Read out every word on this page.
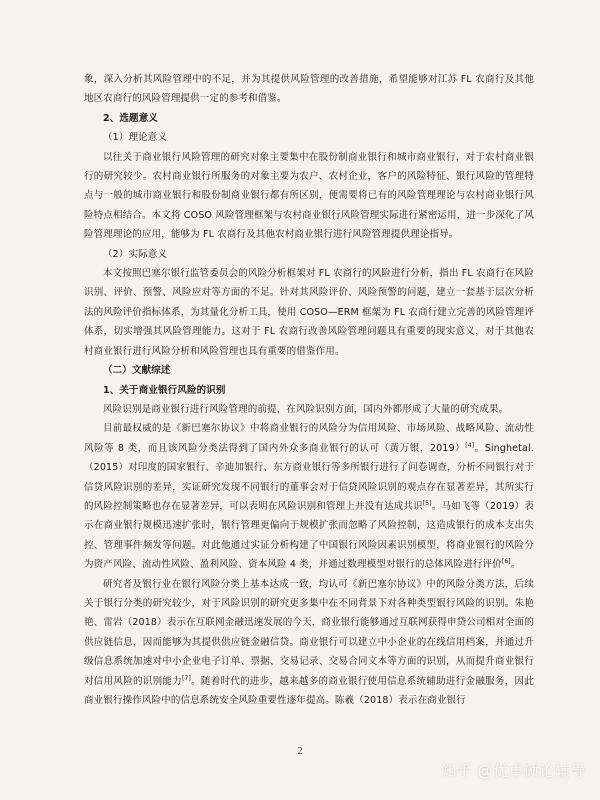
象，深入分析其风险管理中的不足，并为其提供风险管理的改善措施，希望能够对江苏 FL 农商行及其他地区农商行的风险管理提供一定的参考和借鉴。

2、选题意义

（1）理论意义

以往关于商业银行风险管理的研究对象主要集中在股份制商业银行和城市商业银行，对于农村商业银行的研究较少。农村商业银行所服务的对象主要为农户、农村企业，客户的风险特征、银行风险的管理特点与一般的城市商业银行和股份制商业银行都有所区别，便需要将已有的风险管理理论与农村商业银行风险特点相结合。本文将 COSO 风险管理框架与农村商业银行风险管理实际进行紧密运用，进一步深化了风险管理理论的应用，能够为 FL 农商行及其他农村商业银行进行风险管理提供理论指导。

（2）实际意义

本文按照巴塞尔银行监管委员会的风险分析框架对 FL 农商行的风险进行分析，指出 FL 农商行在风险识别、评价、预警、风险应对等方面的不足。针对其风险评价、风险预警的问题，建立一套基于层次分析法的风险评价指标体系，为其量化分析工具，使用 COSO—ERM 框架为 FL 农商行建立完善的风险管理评体系，切实增强其风险管理能力。这对于 FL 农商行改善风险管理问题具有重要的现实意义，对于其他农村商业银行进行风险分析和风险管理也具有重要的借鉴作用。

（二）文献综述

1、关于商业银行风险的识别

风险识别是商业银行进行风险管理的前提，在风险识别方面，国内外都形成了大量的研究成果。

目前最权威的是《新巴塞尔协议》中将商业银行的风险分为信用风险、市场风险、战略风险、流动性风险等 8 类，而且该风险分类法得到了国内外众多商业银行的认可（黄万银，2019）[4]。Singhetal.（2015）对印度的国家银行、辛迪加银行、东方商业银行等多所银行进行了问卷调查，分析不同银行对于信贷风险识别的差异，实证研究发现不同银行的董事会对于信贷风险识别的观点存在显著差异，其所实行的风险控制策略也存在显著差异，可以表明在风险识别和管理上并没有达成共识[5]。马如飞等（2019）表示在商业银行规模迅速扩张时，银行管理更偏向于规模扩张而忽略了风险控制，这造成银行的成本支出失控、管理事件频发等问题。对此他通过实证分析构建了中国银行风险因素识别模型，将商业银行的风险分为资产风险、流动性风险、盈利风险、资本风险 4 类，并通过数理模型对银行的总体风险进行评价[6]。

研究者及银行业在银行风险分类上基本达成一致，均认可《新巴塞尔协议》中的风险分类方法，后续关于银行分类的研究较少，对于风险识别的研究更多集中在不同背景下对各种类型银行风险的识别。朱艳艳、雷岩（2018）表示在互联网金融迅速发展的今天，商业银行能够通过互联网获得申贷公司相对全面的供应链信息，因而能够为其提供供应链金融信贷。商业银行可以建立中小企业的在线信用档案，并通过升级信息系统加速对中小企业电子订单、票据、交易记录、交易合同文本等方面的识别，从而提升商业银行对信用风险的识别能力[7]。随着时代的进步，越来越多的商业银行使用信息系统辅助进行金融服务，因此商业银行操作风险中的信息系统安全风险重要性逐年提高。陈羲（2018）表示在商业银行

2
知乎 @优卓硕论辅导
